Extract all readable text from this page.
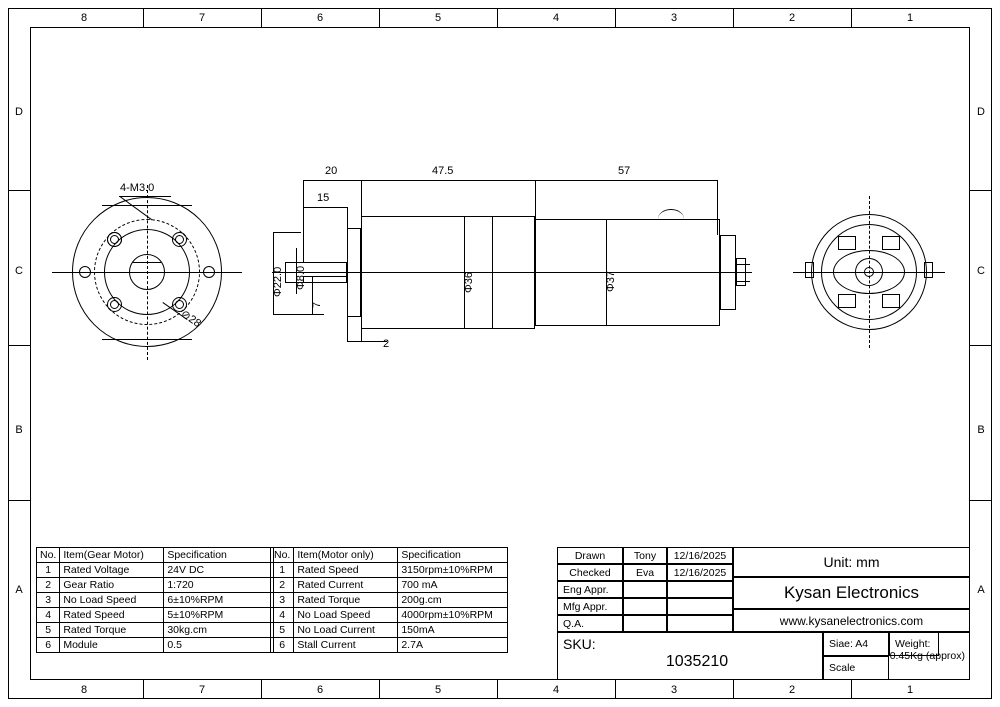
8	7	6	5	4	3	2	1
8	7	6	5	4	3	2	1
D
C
B
A
D
C
B
A
4-M3.0
⊘28
20
15
47.5	57
2
Φ22.0 Φ8.0
7
Φ36	Φ37
No.	Item(Gear Motor)	Specification
1	Rated Voltage	24V DC
2	Gear Ratio	1:720
3	No Load Speed	6±10%RPM
4	Rated Speed	5±10%RPM
5	Rated Torque	30kg.cm
6	Module	0.5
No.	Item(Motor only)	Specification
1	Rated Speed	3150rpm±10%RPM
2	Rated Current	700 mA
3	Rated Torque	200g.cm
4	No Load Speed	4000rpm±10%RPM
5	No Load Current	150mA
6	Stall Current	2.7A
Drawn	Tony	12/16/2025
Checked	Eva	12/16/2025
Eng Appr.
Mfg Appr.
Q.A.
Unit: mm
Kysan Electronics
www.kysanelectronics.com
SKU:
1035210
Siae: A4	Weight:
0.45Kg (approx)
Scale
